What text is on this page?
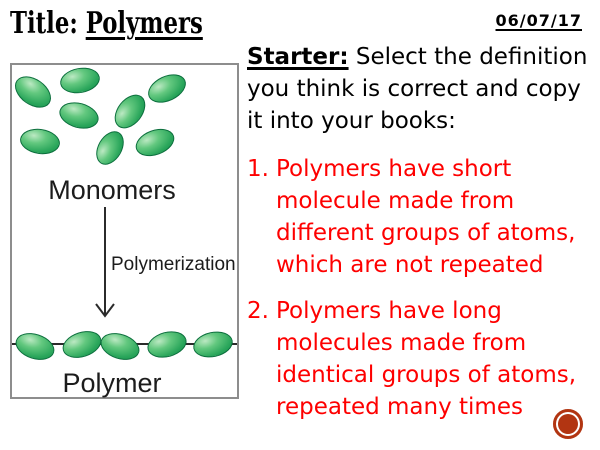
Title: Polymers	06/07/17
Monomers
Polymerization
Polymer
Starter: Select the definition
you think is correct and copy
it into your books:
1. Polymers have short
molecule made from
different groups of atoms,
which are not repeated
2. Polymers have long
molecules made from
identical groups of atoms,
repeated many times
